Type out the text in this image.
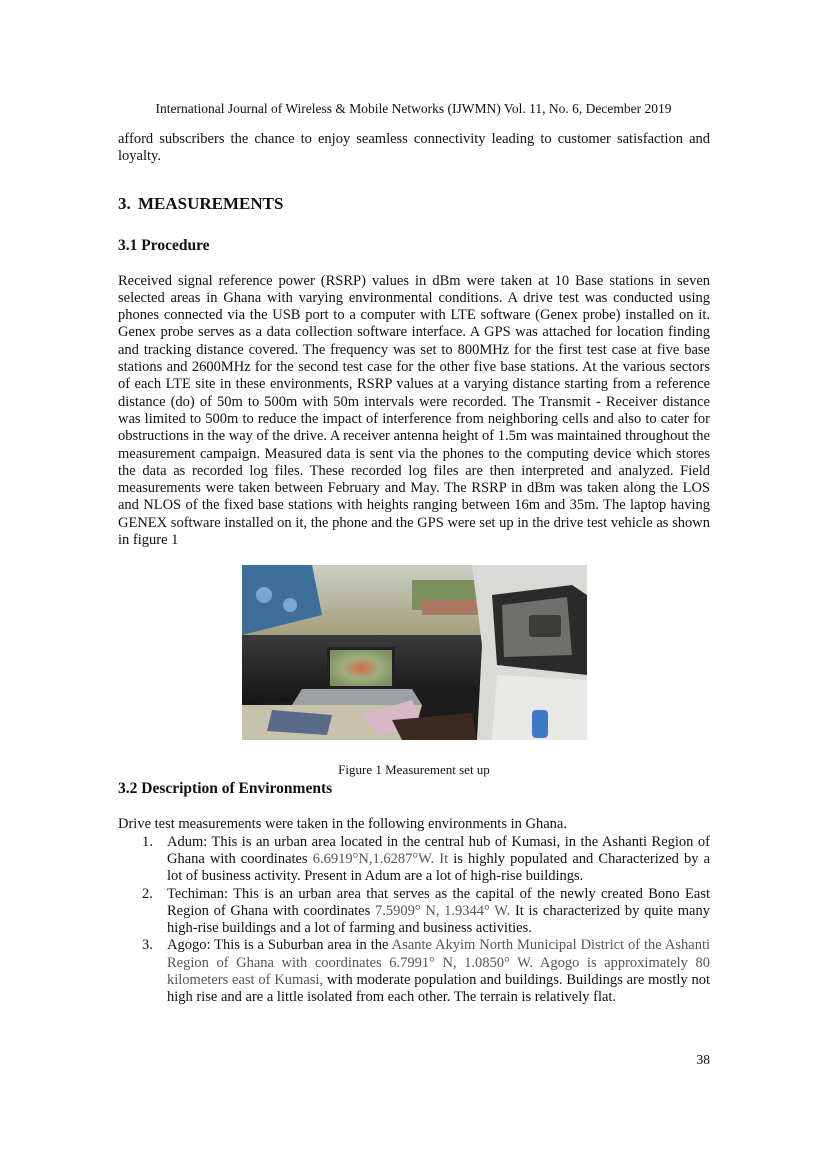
International Journal of Wireless & Mobile Networks (IJWMN) Vol. 11, No. 6, December 2019

afford subscribers the chance to enjoy seamless connectivity leading to customer satisfaction and loyalty.

3. MEASUREMENTS
3.1 Procedure

Received signal reference power (RSRP) values in dBm were taken at 10 Base stations in seven selected areas in Ghana with varying environmental conditions. A drive test was conducted using phones connected via the USB port to a computer with LTE software (Genex probe) installed on it. Genex probe serves as a data collection software interface. A GPS was attached for location finding and tracking distance covered. The frequency was set to 800MHz for the first test case at five base stations and 2600MHz for the second test case for the other five base stations. At the various sectors of each LTE site in these environments, RSRP values at a varying distance starting from a reference distance (do) of 50m to 500m with 50m intervals were recorded. The Transmit - Receiver distance was limited to 500m to reduce the impact of interference from neighboring cells and also to cater for obstructions in the way of the drive. A receiver antenna height of 1.5m was maintained throughout the measurement campaign. Measured data is sent via the phones to the computing device which stores the data as recorded log files. These recorded log files are then interpreted and analyzed. Field measurements were taken between February and May. The RSRP in dBm was taken along the LOS and NLOS of the fixed base stations with heights ranging between 16m and 35m. The laptop having GENEX software installed on it, the phone and the GPS were set up in the drive test vehicle as shown in figure 1

Figure 1 Measurement set up
3.2 Description of Environments

Drive test measurements were taken in the following environments in Ghana.

1. Adum: This is an urban area located in the central hub of Kumasi, in the Ashanti Region of Ghana with coordinates 6.6919°N,1.6287°W. It is highly populated and Characterized by a lot of business activity. Present in Adum are a lot of high-rise buildings.
2. Techiman: This is an urban area that serves as the capital of the newly created Bono East Region of Ghana with coordinates 7.5909° N, 1.9344° W. It is characterized by quite many high-rise buildings and a lot of farming and business activities.
3. Agogo: This is a Suburban area in the Asante Akyim North Municipal District of the Ashanti Region of Ghana with coordinates 6.7991° N, 1.0850° W. Agogo is approximately 80 kilometers east of Kumasi, with moderate population and buildings. Buildings are mostly not high rise and are a little isolated from each other. The terrain is relatively flat.
38
